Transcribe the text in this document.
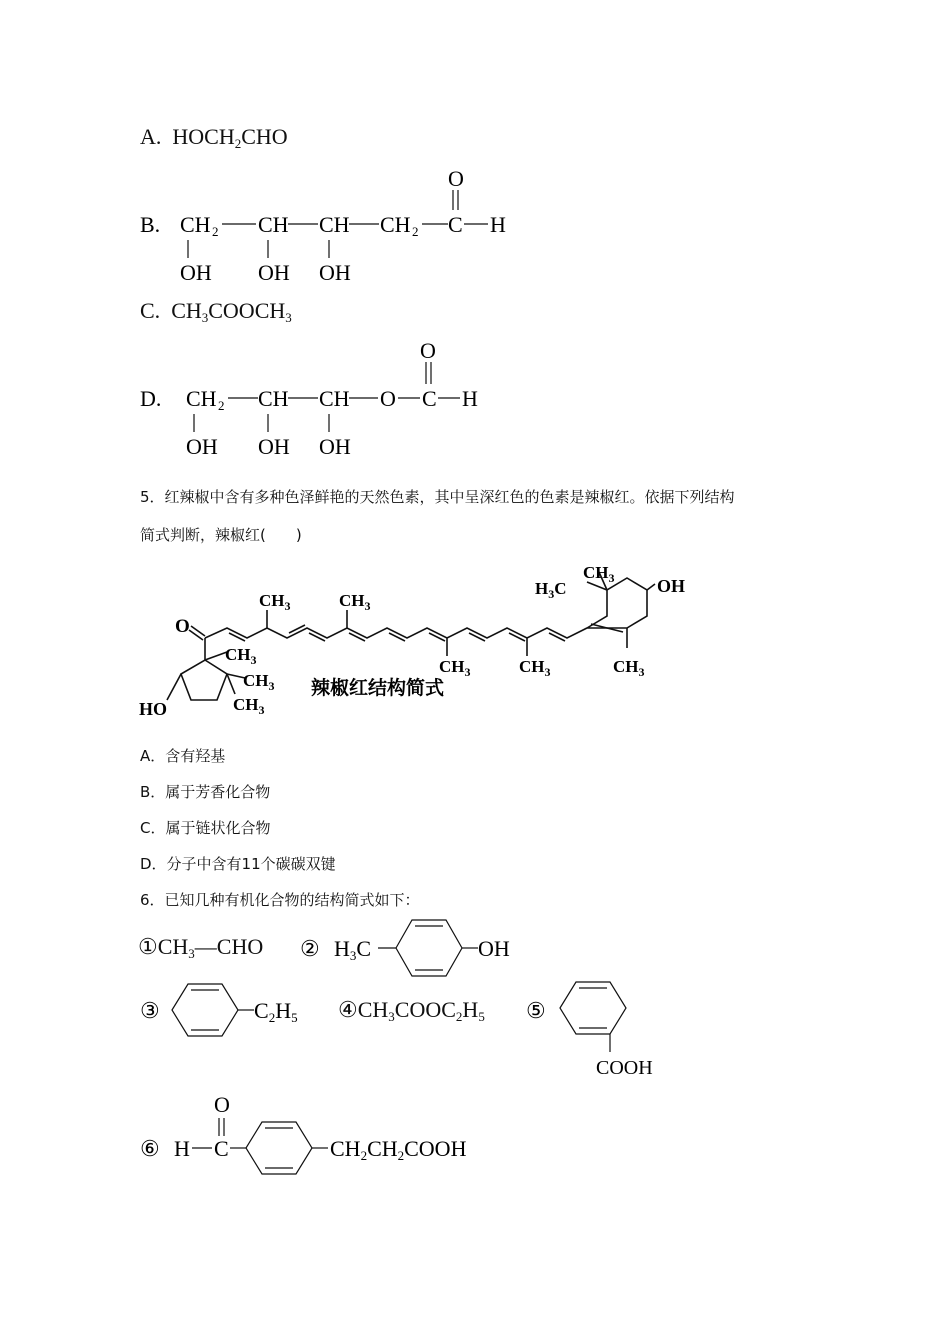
A. $HOCH_2CHO$
B. CH 2 CH CH CH 2 C H
O
OH OH OH
C. $CH_3COOCH_3$
D. CH 2 CH CH O C H
O
OH OH OH
5．红辣椒中含有多种色泽鲜艳的天然色素，其中呈深红色的色素是辣椒红。依据下列结构
简式判断，辣椒红(　　)
O
$CH_3$	$CH_3$
$CH_3$	$CH_3$
$H_3C$
$CH_3$ OH
$CH_3$
$CH_3$
$CH_3$
$CH_3$
HO
辣椒红结构简式
A．含有羟基
B．属于芳香化合物
C．属于链状化合物
D．分子中含有11个碳碳双键
6．已知几种有机化合物的结构简式如下：
$①CH_3—CHO$ ② H3C	OH
③	C2H5 $④CH_3COOC_2H_5$ ⑤
COOH
⑥ H C
O
CH2CH2COOH
